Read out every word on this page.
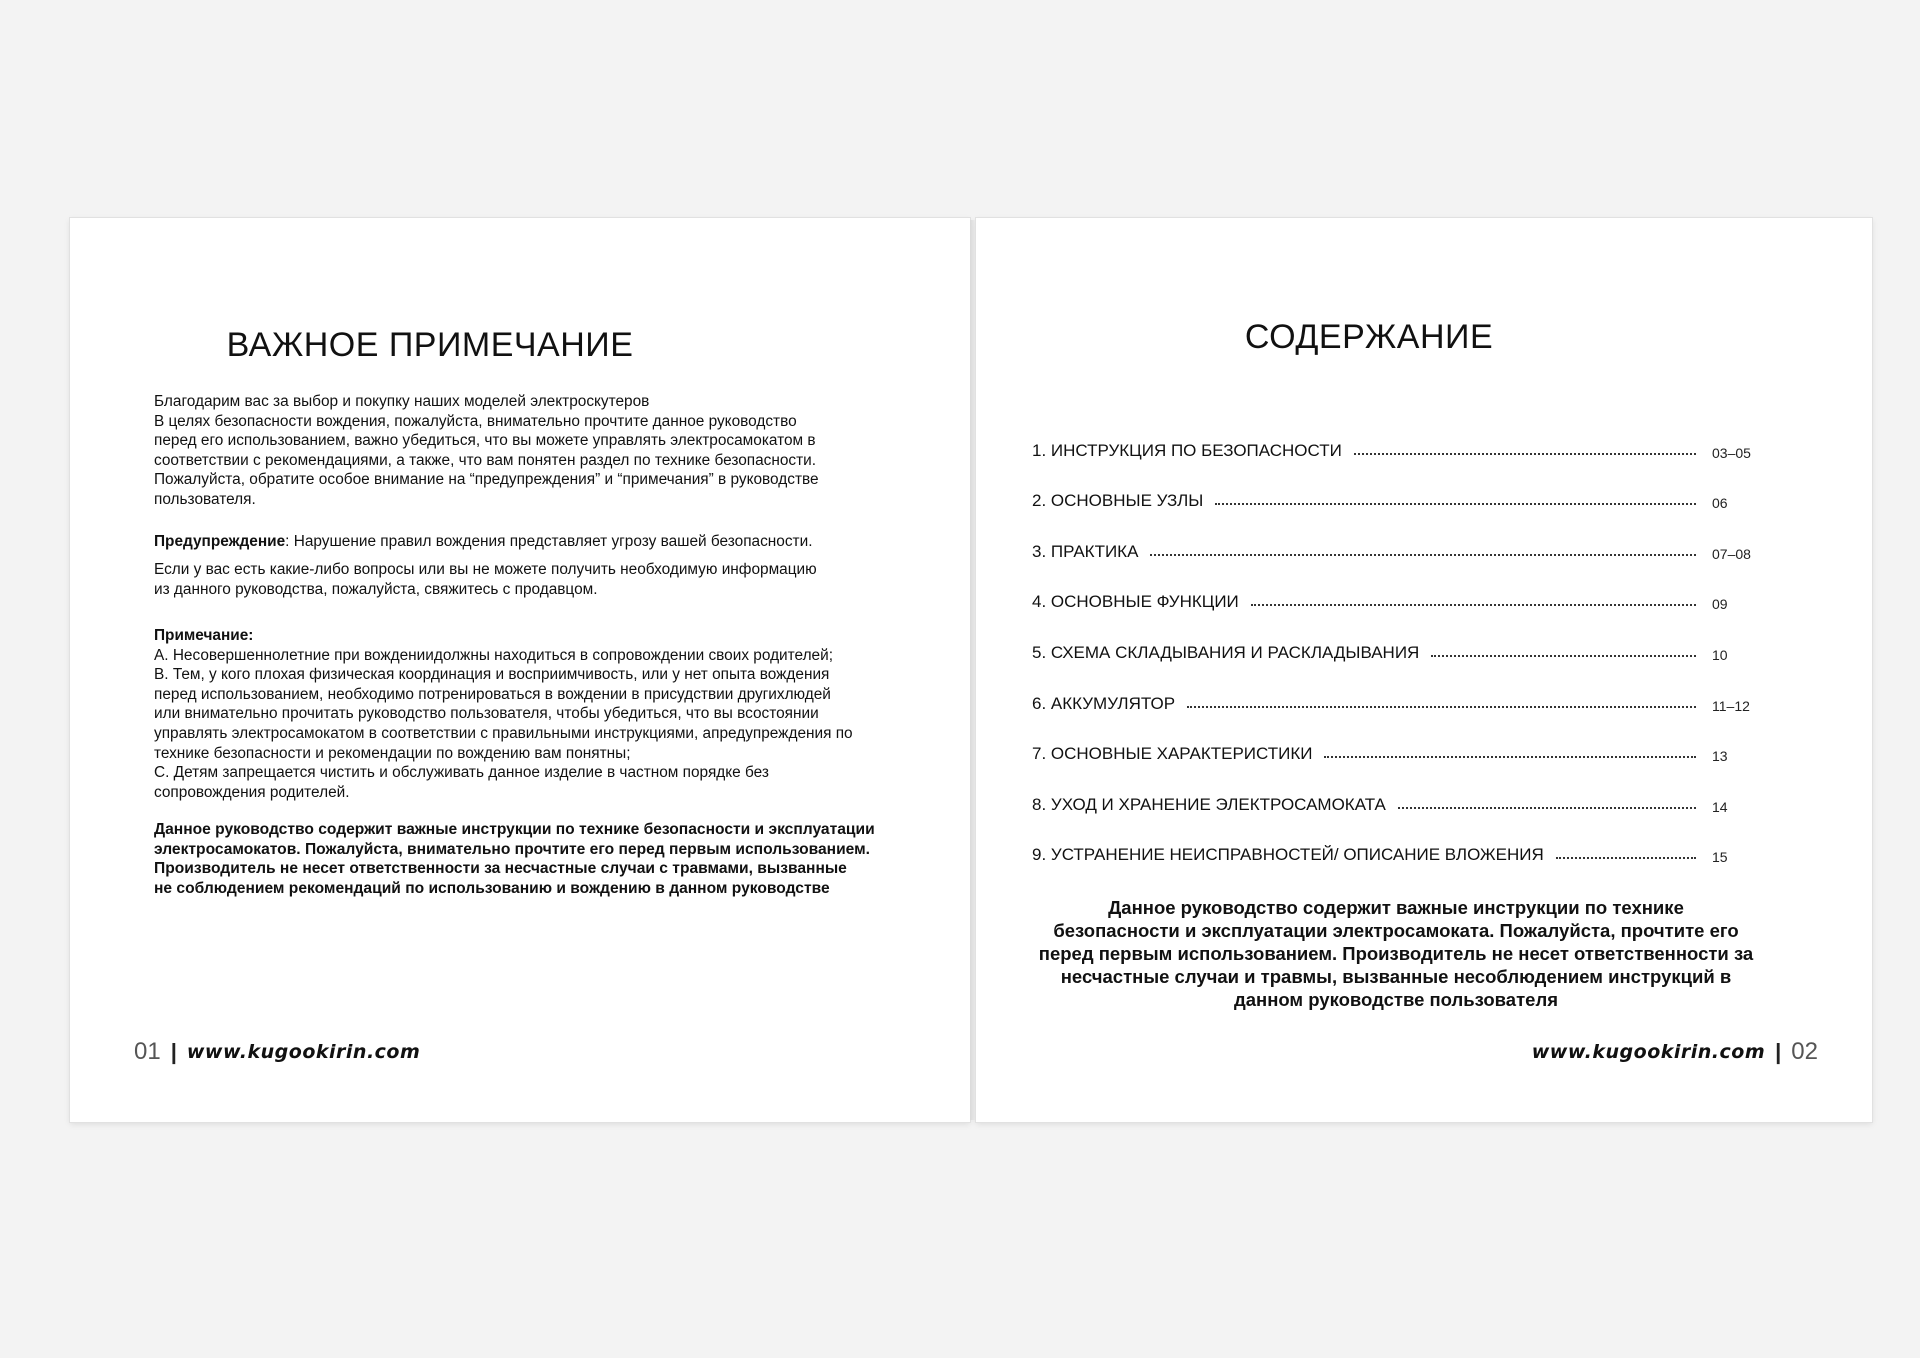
ВАЖНОЕ ПРИМЕЧАНИЕ

Благодарим вас за выбор и покупку наших моделей электроскутеров

В целях безопасности вождения, пожалуйста, внимательно прочтите данное руководство

перед его использованием, важно убедиться, что вы можете управлять электросамокатом в

соответствии с рекомендациями, а также, что вам понятен раздел по технике безопасности.

Пожалуйста, обратите особое внимание на “предупреждения” и “примечания” в руководстве

пользователя.

Предупреждение: Нарушение правил вождения представляет угрозу вашей безопасности.

Если у вас есть какие-либо вопросы или вы не можете получить необходимую информацию

из данного руководства, пожалуйста, свяжитесь с продавцом.

Примечание:

А. Несовершеннолетние при вождениидолжны находиться в сопровождении своих родителей;

В. Тем, у кого плохая физическая координация и восприимчивость, или у нет опыта вождения

перед использованием, необходимо потренироваться в вождении в присудствии другихлюдей

или внимательно прочитать руководство пользователя, чтобы убедиться, что вы всостоянии

управлять электросамокатом в соответствии с правильными инструкциями, апредупреждения по

технике безопасности и рекомендации по вождению вам понятны;

С. Детям запрещается чистить и обслуживать данное изделие в частном порядке без

сопровождения родителей.

Данное руководство содержит важные инструкции по технике безопасности и эксплуатации

электросамокатов. Пожалуйста, внимательно прочтите его перед первым использованием.

Производитель не несет ответственности за несчастные случаи с травмами, вызванные

не соблюдением рекомендаций по использованию и вождению в данном руководстве

01 | www.kugookirin.com
СОДЕРЖАНИЕ
1. ИНСТРУКЦИЯ ПО БЕЗОПАСНОСТИ	03–05
2. ОСНОВНЫЕ УЗЛЫ	06
3. ПРАКТИКА	07–08
4. ОСНОВНЫЕ ФУНКЦИИ	09
5. СХЕМА СКЛАДЫВАНИЯ И РАСКЛАДЫВАНИЯ	10
6. АККУМУЛЯТОР	11–12
7. ОСНОВНЫЕ ХАРАКТЕРИСТИКИ	13
8. УХОД И ХРАНЕНИЕ ЭЛЕКТРОСАМОКАТА	14
9. УСТРАНЕНИЕ НЕИСПРАВНОСТЕЙ/ ОПИСАНИЕ ВЛОЖЕНИЯ	15
Данное руководство содержит важные инструкции по технике
безопасности и эксплуатации электросамоката. Пожалуйста, прочтите его
перед первым использованием. Производитель не несет ответственности за
несчастные случаи и травмы, вызванные несоблюдением инструкций в
данном руководстве пользователя
www.kugookirin.com | 02
